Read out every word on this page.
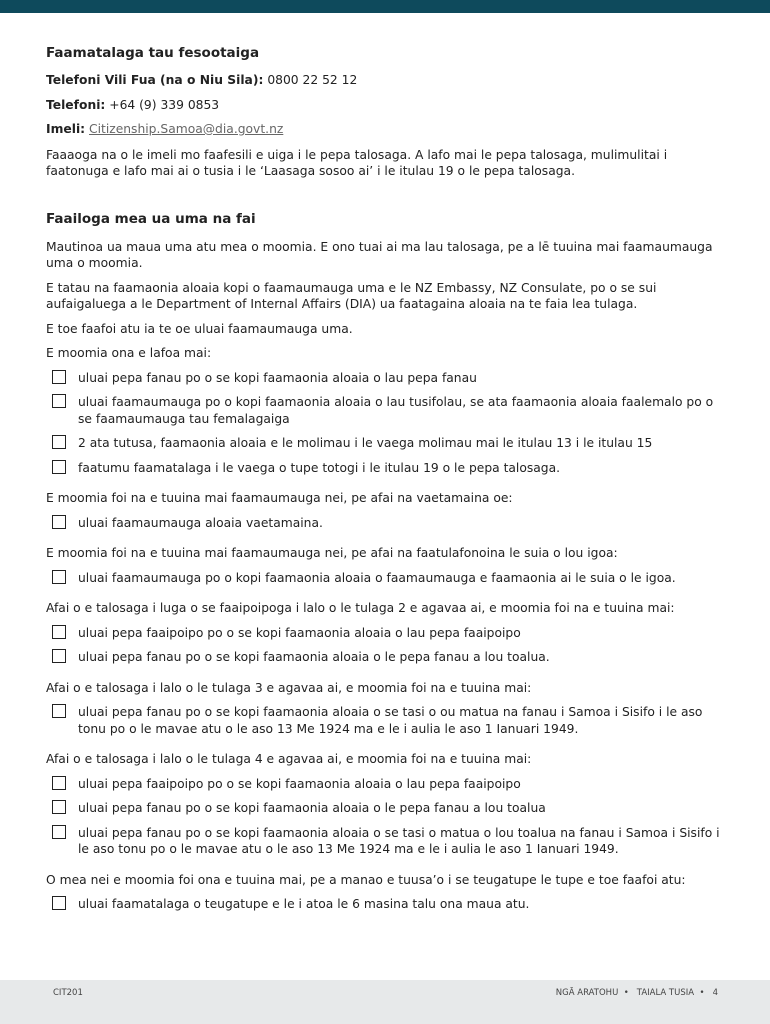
Faamatalaga tau fesootaiga

Telefoni Vili Fua (na o Niu Sila): 0800 22 52 12

Telefoni: +64 (9) 339 0853

Imeli: Citizenship.Samoa@dia.govt.nz

Faaaoga na o le imeli mo faafesili e uiga i le pepa talosaga. A lafo mai le pepa talosaga, mulimulitai i faatonuga e lafo mai ai o tusia i le ‘Laasaga sosoo ai’ i le itulau 19 o le pepa talosaga.

Faailoga mea ua uma na fai

Mautinoa ua maua uma atu mea o moomia. E ono tuai ai ma lau talosaga, pe a lē tuuina mai faamaumauga uma o moomia.

E tatau na faamaonia aloaia kopi o faamaumauga uma e le NZ Embassy, NZ Consulate, po o se sui aufaigaluega a le Department of Internal Affairs (DIA) ua faatagaina aloaia na te faia lea tulaga.

E toe faafoi atu ia te oe uluai faamaumauga uma.

E moomia ona e lafoa mai:

uluai pepa fanau po o se kopi faamaonia aloaia o lau pepa fanau
uluai faamaumauga po o kopi faamaonia aloaia o lau tusifolau, se ata faamaonia aloaia faalemalo po o se faamaumauga tau femalagaiga
2 ata tutusa, faamaonia aloaia e le molimau i le vaega molimau mai le itulau 13 i le itulau 15
faatumu faamatalaga i le vaega o tupe totogi i le itulau 19 o le pepa talosaga.

E moomia foi na e tuuina mai faamaumauga nei, pe afai na vaetamaina oe:

uluai faamaumauga aloaia vaetamaina.

E moomia foi na e tuuina mai faamaumauga nei, pe afai na faatulafonoina le suia o lou igoa:

uluai faamaumauga po o kopi faamaonia aloaia o faamaumauga e faamaonia ai le suia o le igoa.

Afai o e talosaga i luga o se faaipoipoga i lalo o le tulaga 2 e agavaa ai, e moomia foi na e tuuina mai:

uluai pepa faaipoipo po o se kopi faamaonia aloaia o lau pepa faaipoipo
uluai pepa fanau po o se kopi faamaonia aloaia o le pepa fanau a lou toalua.

Afai o e talosaga i lalo o le tulaga 3 e agavaa ai, e moomia foi na e tuuina mai:

uluai pepa fanau po o se kopi faamaonia aloaia o se tasi o ou matua na fanau i Samoa i Sisifo i le aso tonu po o le mavae atu o le aso 13 Me 1924 ma e le i aulia le aso 1 Ianuari 1949.

Afai o e talosaga i lalo o le tulaga 4 e agavaa ai, e moomia foi na e tuuina mai:

uluai pepa faaipoipo po o se kopi faamaonia aloaia o lau pepa faaipoipo
uluai pepa fanau po o se kopi faamaonia aloaia o le pepa fanau a lou toalua
uluai pepa fanau po o se kopi faamaonia aloaia o se tasi o matua o lou toalua na fanau i Samoa i Sisifo i le aso tonu po o le mavae atu o le aso 13 Me 1924 ma e le i aulia le aso 1 Ianuari 1949.

O mea nei e moomia foi ona e tuuina mai, pe a manao e tuusa’o i se teugatupe le tupe e toe faafoi atu:

uluai faamatalaga o teugatupe e le i atoa le 6 masina talu ona maua atu.
CIT201	NGĀ ARATOHU  •   TAIALA TUSIA  •   4
